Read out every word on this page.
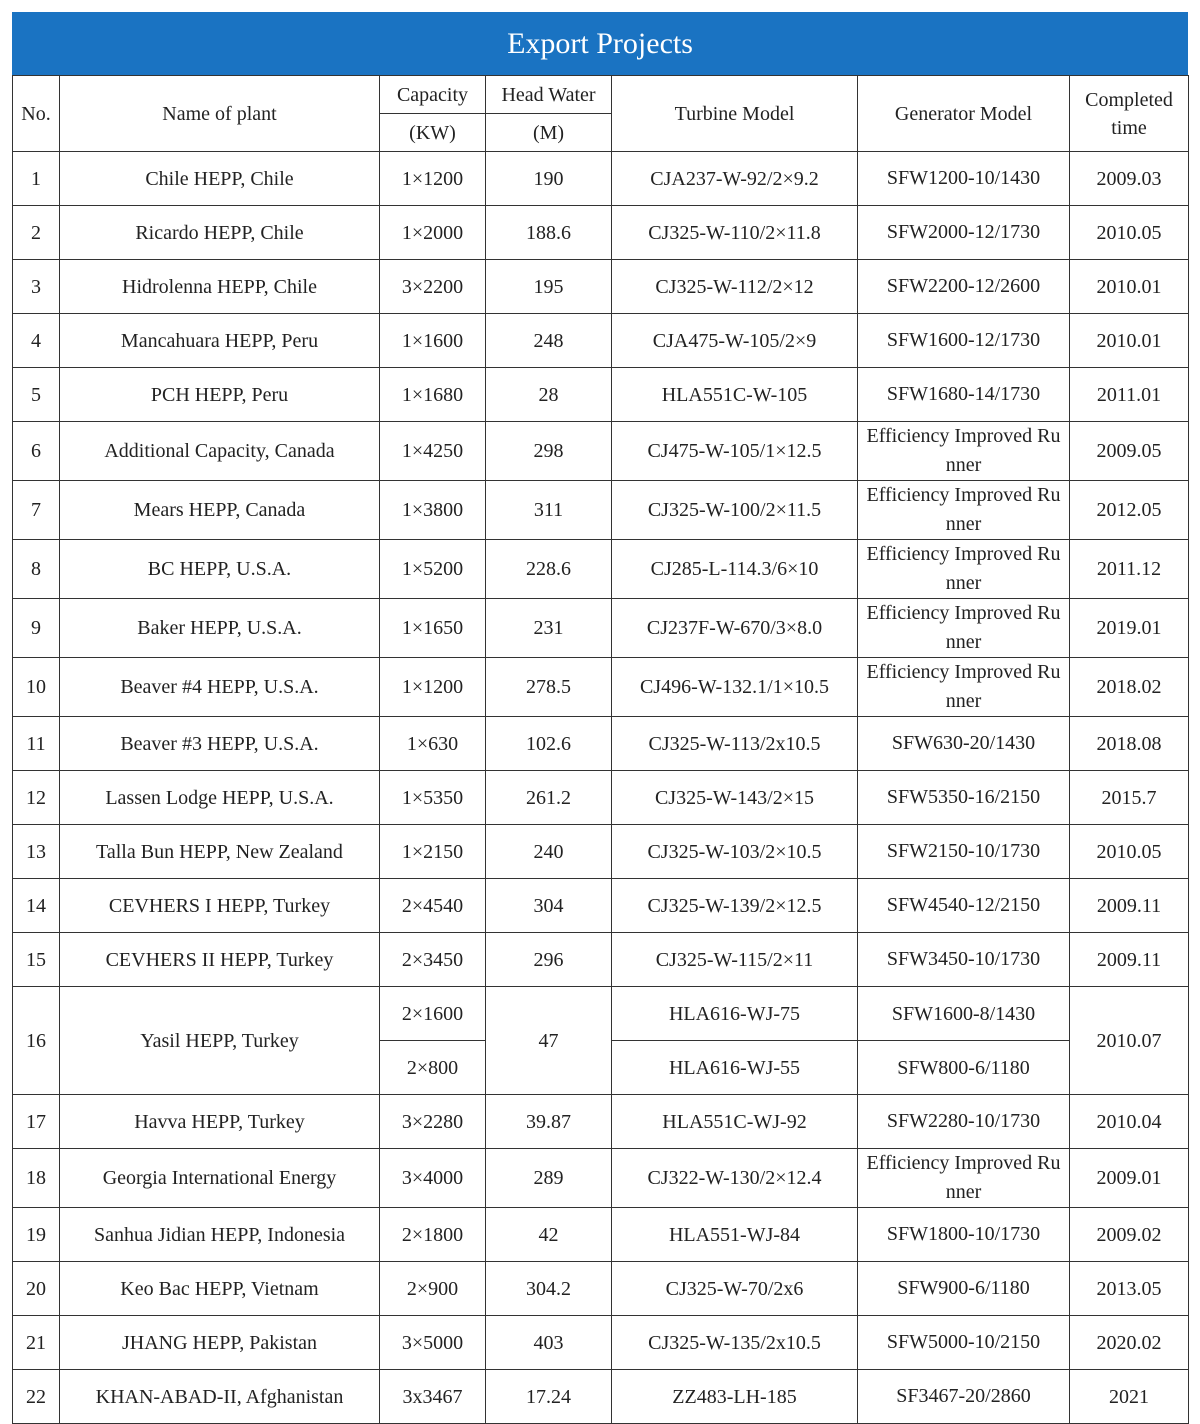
Export Projects
No.	Name of plant	Capacity	Head Water	Turbine Model	Generator Model	Completed time
		(KW)	(M)			
1	Chile HEPP, Chile	1×1200	190	CJA237-W-92/2×9.2	SFW1200-10/1430	2009.03
2	Ricardo HEPP, Chile	1×2000	188.6	CJ325-W-110/2×11.8	SFW2000-12/1730	2010.05
3	Hidrolenna HEPP, Chile	3×2200	195	CJ325-W-112/2×12	SFW2200-12/2600	2010.01
4	Mancahuara HEPP, Peru	1×1600	248	CJA475-W-105/2×9	SFW1600-12/1730	2010.01
5	PCH HEPP, Peru	1×1680	28	HLA551C-W-105	SFW1680-14/1730	2011.01
6	Additional Capacity, Canada	1×4250	298	CJ475-W-105/1×12.5	Efficiency Improved Runner	2009.05
7	Mears HEPP, Canada	1×3800	311	CJ325-W-100/2×11.5	Efficiency Improved Runner	2012.05
8	BC HEPP, U.S.A.	1×5200	228.6	CJ285-L-114.3/6×10	Efficiency Improved Runner	2011.12
9	Baker HEPP, U.S.A.	1×1650	231	CJ237F-W-670/3×8.0	Efficiency Improved Runner	2019.01
10	Beaver #4 HEPP, U.S.A.	1×1200	278.5	CJ496-W-132.1/1×10.5	Efficiency Improved Runner	2018.02
11	Beaver #3 HEPP, U.S.A.	1×630	102.6	CJ325-W-113/2x10.5	SFW630-20/1430	2018.08
12	Lassen Lodge HEPP, U.S.A.	1×5350	261.2	CJ325-W-143/2×15	SFW5350-16/2150	2015.7
13	Talla Bun HEPP, New Zealand	1×2150	240	CJ325-W-103/2×10.5	SFW2150-10/1730	2010.05
14	CEVHERS I HEPP, Turkey	2×4540	304	CJ325-W-139/2×12.5	SFW4540-12/2150	2009.11
15	CEVHERS II HEPP, Turkey	2×3450	296	CJ325-W-115/2×11	SFW3450-10/1730	2009.11
16	Yasil HEPP, Turkey	2×1600	47	HLA616-WJ-75	SFW1600-8/1430	2010.07
		2×800		HLA616-WJ-55	SFW800-6/1180	
17	Havva HEPP, Turkey	3×2280	39.87	HLA551C-WJ-92	SFW2280-10/1730	2010.04
18	Georgia International Energy	3×4000	289	CJ322-W-130/2×12.4	Efficiency Improved Runner	2009.01
19	Sanhua Jidian HEPP, Indonesia	2×1800	42	HLA551-WJ-84	SFW1800-10/1730	2009.02
20	Keo Bac HEPP, Vietnam	2×900	304.2	CJ325-W-70/2x6	SFW900-6/1180	2013.05
21	JHANG HEPP, Pakistan	3×5000	403	CJ325-W-135/2x10.5	SFW5000-10/2150	2020.02
22	KHAN-ABAD-II, Afghanistan	3x3467	17.24	ZZ483-LH-185	SF3467-20/2860	2021
